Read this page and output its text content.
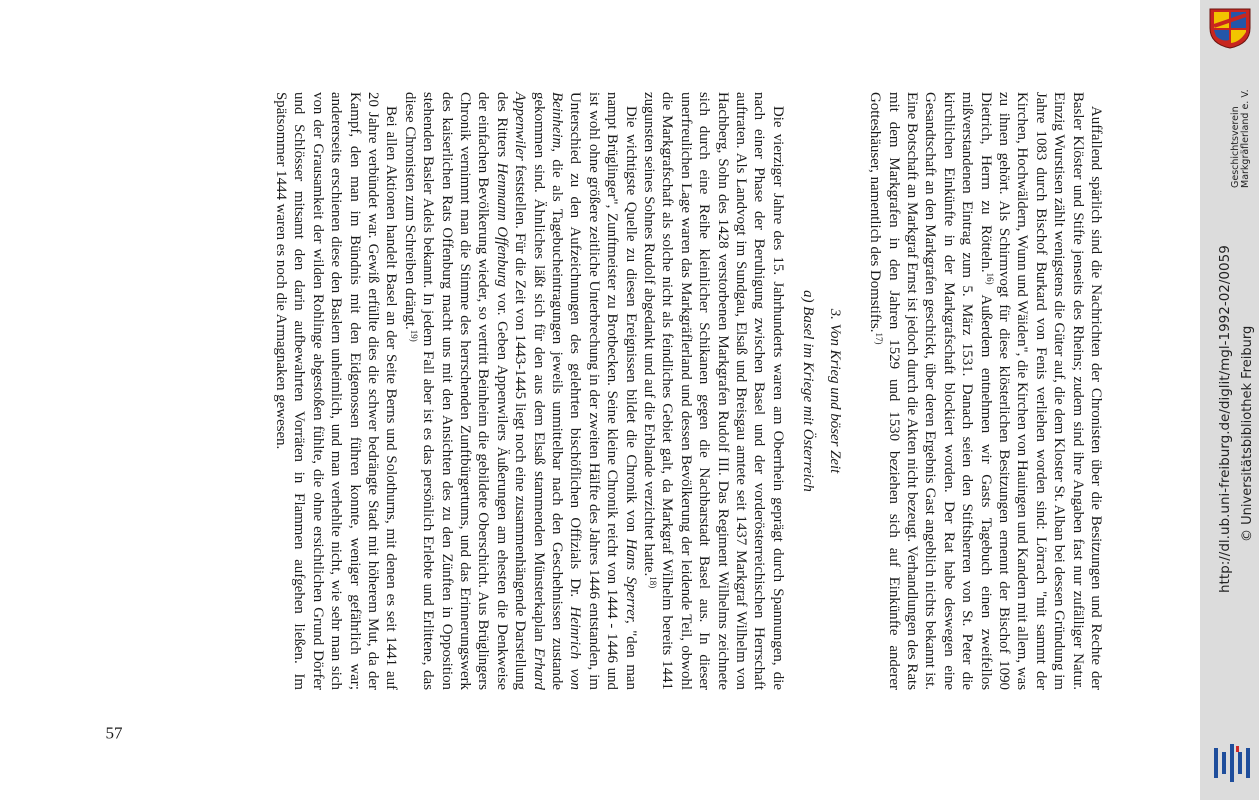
Auffallend spärlich sind die Nachrichten der Chronisten über die Besitzungen und Rechte der Basler Klöster und Stifte jenseits des Rheins; zudem sind ihre Angaben fast nur zufälliger Natur. Einzig Wurstisen zählt wenigstens die Güter auf, die dem Kloster St. Alban bei dessen Gründung im Jahre 1083 durch Bischof Burkard von Fenis verliehen worden sind: Lörrach "mit sammt der Kirchen, Hochwäldern, Wunn und Wäiden", die Kirchen von Hauingen und Kandern mit allem, was zu ihnen gehört. Als Schirmvogt für diese klösterlichen Besitzungen ernennt der Bischof 1090 Dietrich, Herrn zu Rötteln.$^{16)}$ Außerdem entnehmen wir Gasts Tagebuch einen zweifellos mißverstandenen Eintrag zum 5. März 1531. Danach seien den Stiftsherren von St. Peter die kirchlichen Einkünfte in der Markgrafschaft blockiert worden. Der Rat habe deswegen eine Gesandtschaft an den Markgrafen geschickt, über deren Ergebnis Gast angeblich nichts bekannt ist. Eine Botschaft an Markgraf Ernst ist jedoch durch die Akten nicht bezeugt. Verhandlungen des Rats mit dem Markgrafen in den Jahren 1529 und 1530 beziehen sich auf Einkünfte anderer Gotteshäuser, namentlich des Domstifts.$^{17)}$

3. Von Krieg und böser Zeit

a) Basel im Kriege mit Österreich

Die vierziger Jahre des 15. Jahrhunderts waren am Oberrhein geprägt durch Spannungen, die nach einer Phase der Beruhigung zwischen Basel und der vorderösterreichischen Herrschaft auftraten. Als Landvogt im Sundgau, Elsaß und Breisgau amtete seit 1437 Markgraf Wilhelm von Hachberg, Sohn des 1428 verstorbenen Markgrafen Rudolf III. Das Regiment Wilhelms zeichnete sich durch eine Reihe kleinlicher Schikanen gegen die Nachbarstadt Basel aus. In dieser unerfreulichen Lage waren das Markgräflerland und dessen Bevölkerung der leidende Teil, obwohl die Markgrafschaft als solche nicht als feindliches Gebiet galt, da Markgraf Wilhelm bereits 1441 zugunsten seines Sohnes Rudolf abgedankt und auf die Erblande verzichtet hatte.$^{18)}$

Die wichtigste Quelle zu diesen Ereignissen bildet die Chronik von Hans Sperrer, "den man nampt Brüglinger", Zunftmeister zu Brotbecken. Seine kleine Chronik reicht von 1444 - 1446 und ist wohl ohne größere zeitliche Unterbrechung in der zweiten Hälfte des Jahres 1446 entstanden, im Unterschied zu den Aufzeichnungen des gelehrten bischöflichen Offizials Dr. Heinrich von Beinheim, die als Tagebucheintragungen jeweils unmittelbar nach den Geschehnissen zustande gekommen sind. Ähnliches läßt sich für den aus dem Elsaß stammenden Münsterkaplan Erhard Appenwiler feststellen. Für die Zeit von 1443-1445 liegt noch eine zusammenhängende Darstellung des Ritters Henmann Offenburg vor. Geben Appenwilers Äußerungen am ehesten die Denkweise der einfachen Bevölkerung wieder, so vertritt Beinheim die gebildete Oberschicht. Aus Brüglingers Chronik vernimmt man die Stimme des herrschenden Zunftbürgertums, und das Erinnerungswerk des kaiserlichen Rats Offenburg macht uns mit den Ansichten des zu den Zünften in Opposition stehenden Basler Adels bekannt. In jedem Fall aber ist es das persönlich Erlebte und Erlittene, das diese Chronisten zum Schreiben drängt.$^{19)}$

Bei allen Aktionen handelt Basel an der Seite Berns und Solothurns, mit denen es seit 1441 auf 20 Jahre verbündet war. Gewiß erfüllte dies die schwer bedrängte Stadt mit höherem Mut, da der Kampf, den man im Bündnis mit den Eidgenossen führen konnte, weniger gefährlich war; andererseits erschienen diese den Baslern unheimlich, und man verhehlte nicht, wie sehr man sich von der Grausamkeit der wilden Rohlinge abgestoßen fühlte, die ohne ersichtlichen Grund Dörfer und Schlösser mitsamt den darin aufbewahrten Vorräten in Flammen aufgehen ließen. Im Spätsommer 1444 waren es noch die Armagnaken gewesen.

57
Geschichtsverein Markgräflerland e. V.
http://dl.ub.uni-freiburg.de/diglit/mgl-1992-02/0059 © Universitätsbibliothek Freiburg
